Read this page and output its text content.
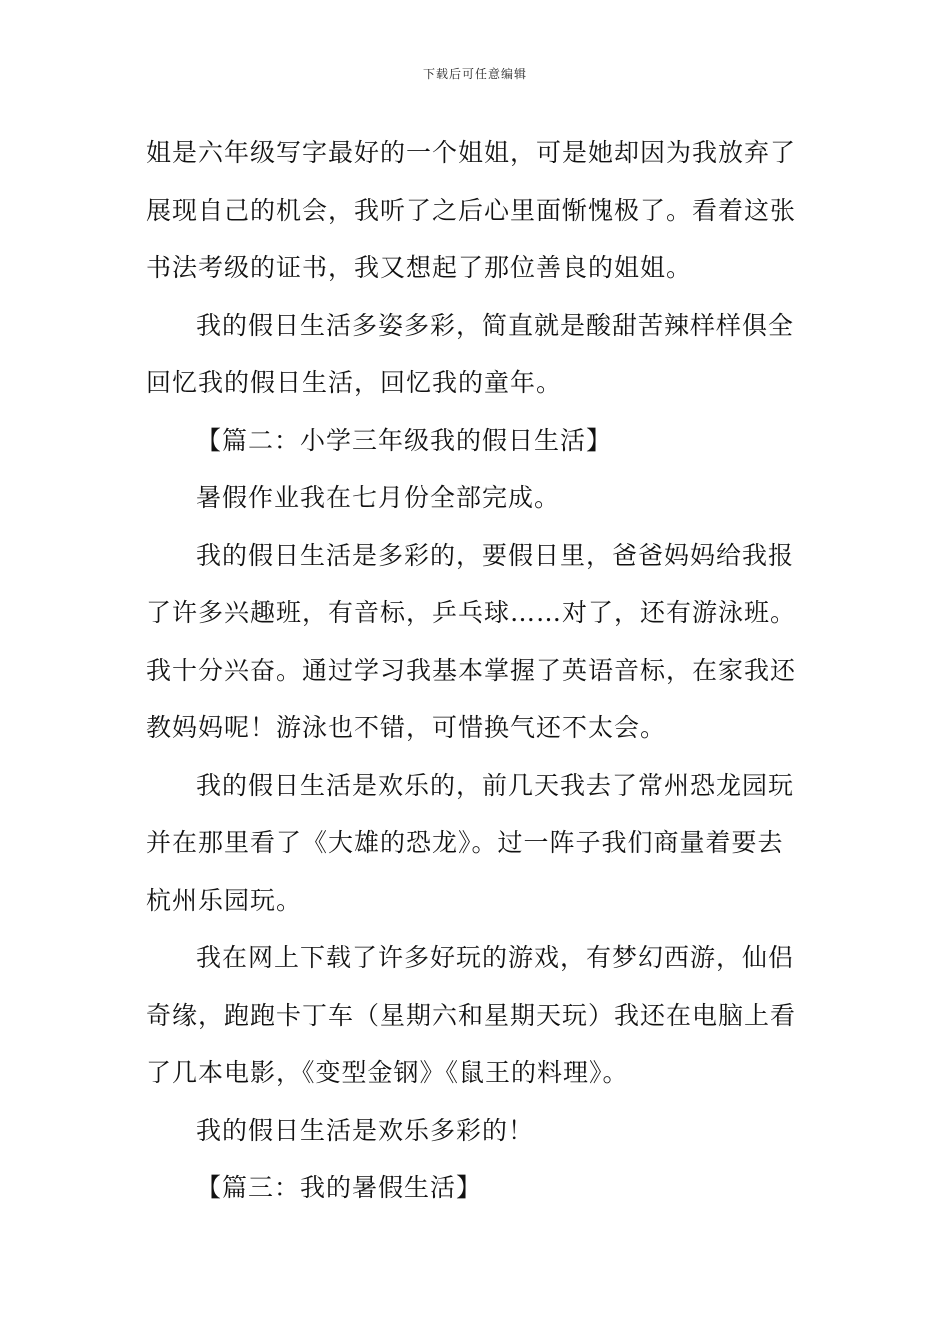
下载后可任意编辑
姐是六年级写字最好的一个姐姐，可是她却因为我放弃了
展现自己的机会，我听了之后心里面惭愧极了。看着这张
书法考级的证书，我又想起了那位善良的姐姐。
我的假日生活多姿多彩，简直就是酸甜苦辣样样俱全
回忆我的假日生活，回忆我的童年。
【篇二：小学三年级我的假日生活】
暑假作业我在七月份全部完成。
我的假日生活是多彩的，要假日里，爸爸妈妈给我报
了许多兴趣班，有音标，乒乓球……对了，还有游泳班。
我十分兴奋。通过学习我基本掌握了英语音标，在家我还
教妈妈呢！游泳也不错，可惜换气还不太会。
我的假日生活是欢乐的，前几天我去了常州恐龙园玩
并在那里看了《大雄的恐龙》。过一阵子我们商量着要去
杭州乐园玩。
我在网上下载了许多好玩的游戏，有梦幻西游，仙侣
奇缘，跑跑卡丁车（星期六和星期天玩）我还在电脑上看
了几本电影，《变型金钢》《鼠王的料理》。
我的假日生活是欢乐多彩的！
【篇三：我的暑假生活】
